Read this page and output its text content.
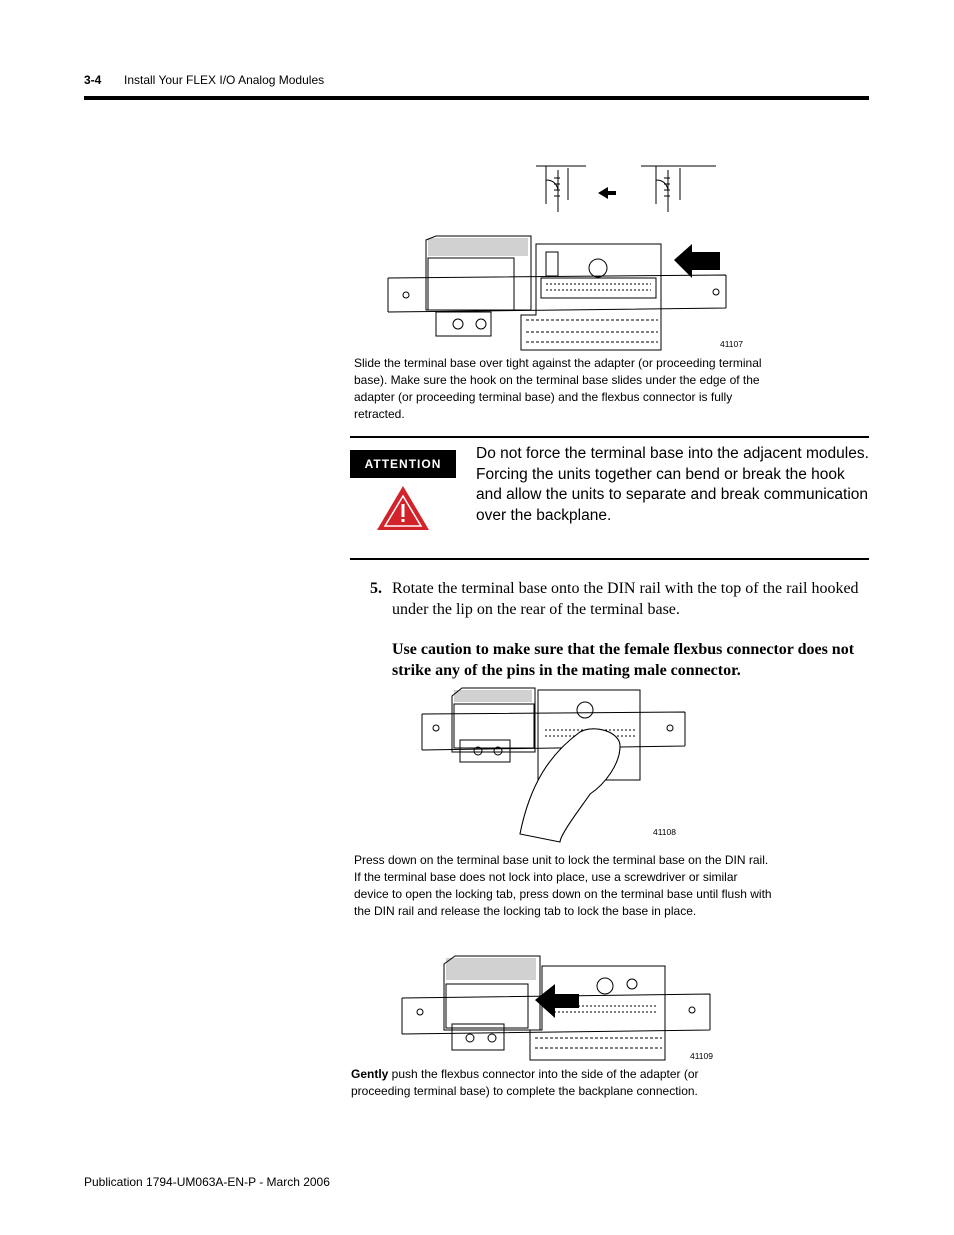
3-4 Install Your FLEX I/O Analog Modules
41107
Slide the terminal base over tight against the adapter (or proceeding terminal base). Make sure the hook on the terminal base slides under the edge of the adapter (or proceeding terminal base) and the flexbus connector is fully retracted.
ATTENTION
Do not force the terminal base into the adjacent modules. Forcing the units together can bend or break the hook and allow the units to separate and break communication over the backplane.
5. Rotate the terminal base onto the DIN rail with the top of the rail hooked under the lip on the rear of the terminal base.
Use caution to make sure that the female flexbus connector does not strike any of the pins in the mating male connector.
41108
Press down on the terminal base unit to lock the terminal base on the DIN rail. If the terminal base does not lock into place, use a screwdriver or similar device to open the locking tab, press down on the terminal base until flush with the DIN rail and release the locking tab to lock the base in place.
41109
Gently push the flexbus connector into the side of the adapter (or proceeding terminal base) to complete the backplane connection.
Publication 1794-UM063A-EN-P - March 2006
